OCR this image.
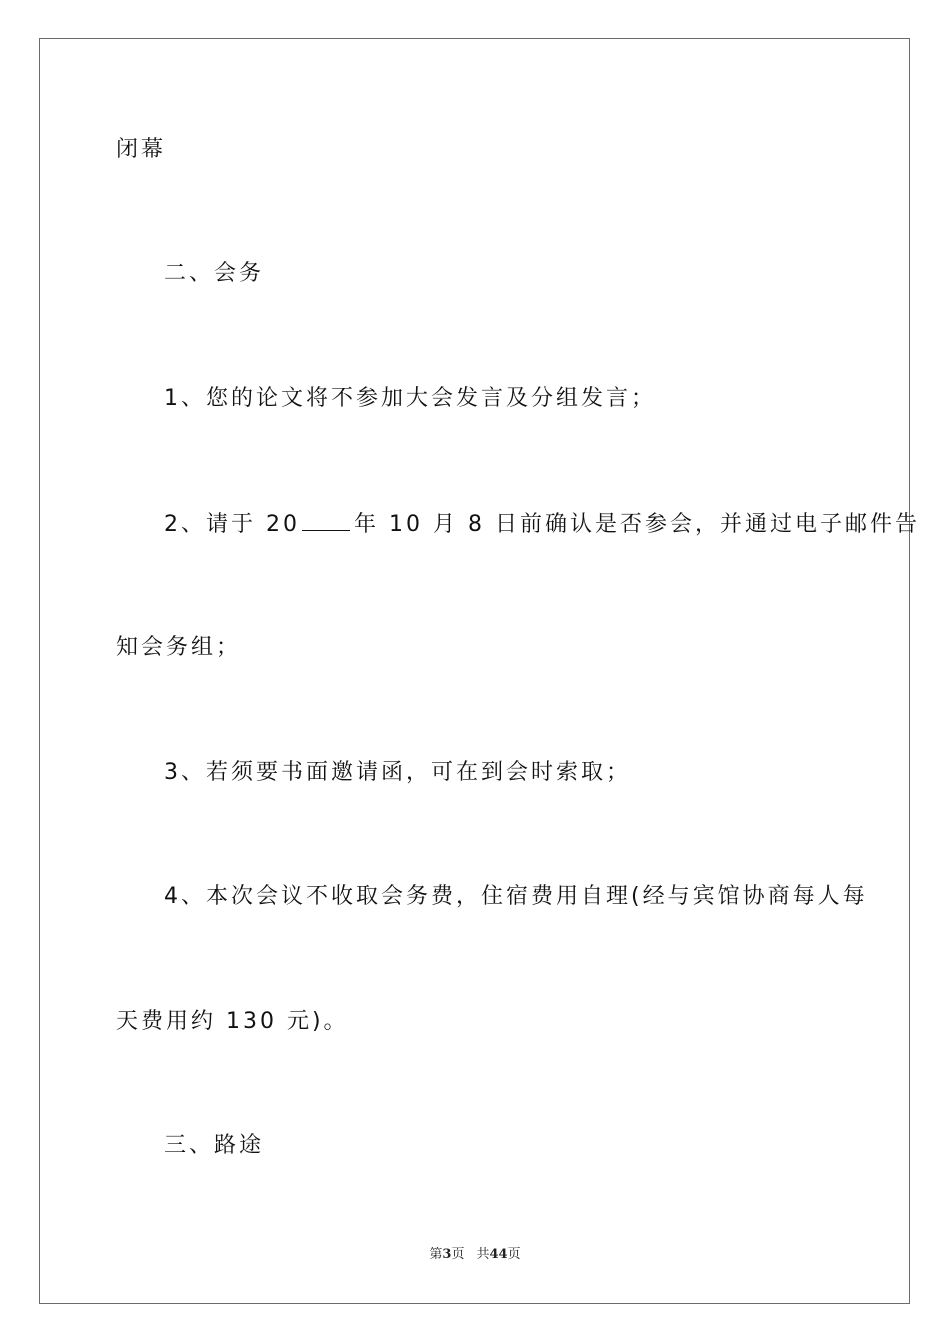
闭幕
二、会务
1、您的论文将不参加大会发言及分组发言；
2、请于 20 年 10 月 8 日前确认是否参会，并通过电子邮件告
知会务组；
3、若须要书面邀请函，可在到会时索取；
4、本次会议不收取会务费，住宿费用自理(经与宾馆协商每人每
天费用约 130 元)。
三、路途
第3页 共44页
